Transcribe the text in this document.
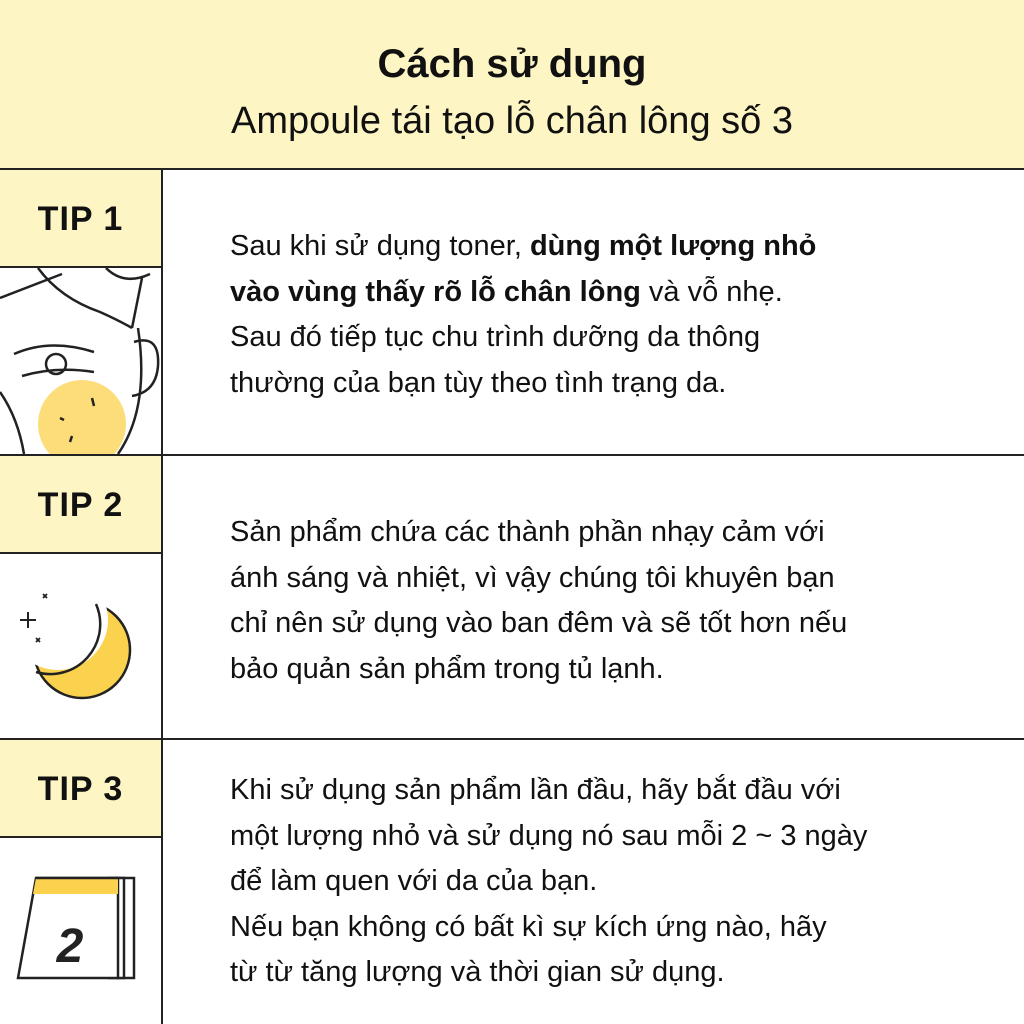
Cách sử dụng
Ampoule tái tạo lỗ chân lông số 3
TIP 1

Sau khi sử dụng toner, dùng một lượng nhỏ

vào vùng thấy rõ lỗ chân lông và vỗ nhẹ.

Sau đó tiếp tục chu trình dưỡng da thông

thường của bạn tùy theo tình trạng da.

TIP 2

Sản phẩm chứa các thành phần nhạy cảm với

ánh sáng và nhiệt, vì vậy chúng tôi khuyên bạn

chỉ nên sử dụng vào ban đêm và sẽ tốt hơn nếu

bảo quản sản phẩm trong tủ lạnh.

TIP 3
2

Khi sử dụng sản phẩm lần đầu, hãy bắt đầu với

một lượng nhỏ và sử dụng nó sau mỗi 2 ~ 3 ngày

để làm quen với da của bạn.

Nếu bạn không có bất kì sự kích ứng nào, hãy

từ từ tăng lượng và thời gian sử dụng.
